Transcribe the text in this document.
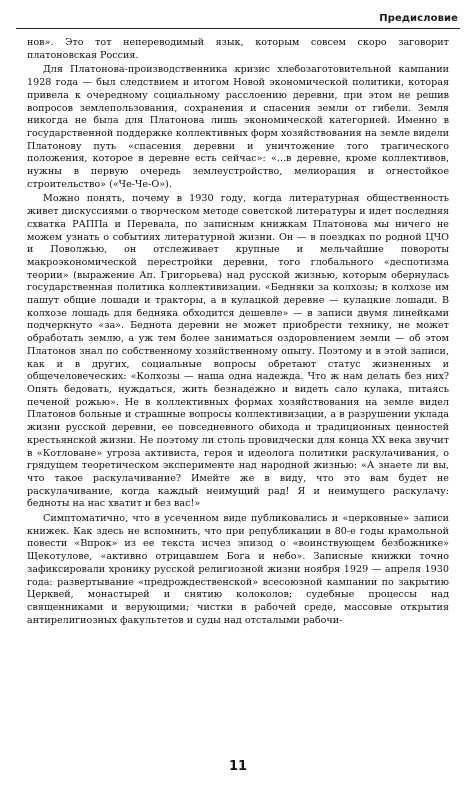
Предисловие

нов». Это тот непереводимый язык, которым совсем скоро заговорит платоновская Россия.

Для Платонова-производственника кризис хлебозаготовительной кампании 1928 года — был следствием и итогом Новой экономической политики, которая привела к очередному социальному расслоению деревни, при этом не решив вопросов землепользования, сохранения и спасения земли от гибели. Земля никогда не была для Платонова лишь экономической категорией. Именно в государственной поддержке коллективных форм хозяйствования на земле видели Платонову путь «спасения деревни и уничтожение того трагического положения, которое в деревне есть сейчас»: «...в деревне, кроме коллективов, нужны в первую очередь землеустройство, мелиорация и огнестойкое строительство» («Че-Че-О»).

Можно понять, почему в 1930 году, когда литературная общественность живет дискуссиями о творческом методе советской литературы и идет последняя схватка РАППа и Перевала, по записным книжкам Платонова мы ничего не можем узнать о событиях литературной жизни. Он — в поездках по родной ЦЧО и Поволжью, он отслеживает крупные и мельчайшие повороты макроэкономической перестройки деревни, того глобального «деспотизма теории» (выражение Ап. Григорьева) над русской жизнью, которым обернулась государственная политика коллективизации. «Бедняки за колхозы; в колхозе им пашут общие лошади и тракторы, а в кулацкой деревне — кулацкие лошади. В колхозе лошадь для бедняка обходится дешевле» — в записи двумя линейками подчеркнуто «за». Беднота деревни не может приобрести технику, не может обработать землю, а уж тем более заниматься оздоровлением земли — об этом Платонов знал по собственному хозяйственному опыту. Поэтому и в этой записи, как и в других, социальные вопросы обретают статус жизненных и общечеловеческих: «Колхозы — наша одна надежда. Что ж нам делать без них? Опять бедовать, нуждаться, жить безнадежно и видеть сало кулака, питаясь печеной рожью». Не в коллективных формах хозяйствования на земле видел Платонов больные и страшные вопросы коллективизации, а в разрушении уклада жизни русской деревни, ее повседневного обихода и традиционных ценностей крестьянской жизни. Не поэтому ли столь провидчески для конца XX века звучит в «Котловане» угроза активиста, героя и идеолога политики раскулачивания, о грядущем теоретическом эксперименте над народной жизнью: «А знаете ли вы, что такое раскулачивание? Имейте же в виду, что это вам будет не раскулачивание, когда каждый неимущий рад! Я и неимущего раскулачу: бедноты на нас хватит и без вас!»

Симптоматично, что в усеченном виде публиковались и «церковные» записи книжек. Как здесь не вспомнить, что при републикации в 80-е годы крамольной повести «Впрок» из ее текста исчез эпизод о «воинствующем безбожнике» Щекотулове, «активно отрицавшем Бога и небо». Записные книжки точно зафиксировали хронику русской религиозной жизни ноября 1929 — апреля 1930 года: развертывание «предрождественской» всесоюзной кампании по закрытию Церквей, монастырей и снятию колоколов; судебные процессы над священниками и верующими; чистки в рабочей среде, массовые открытия антирелигиозных факультетов и суды над отсталыми рабочи-

11
